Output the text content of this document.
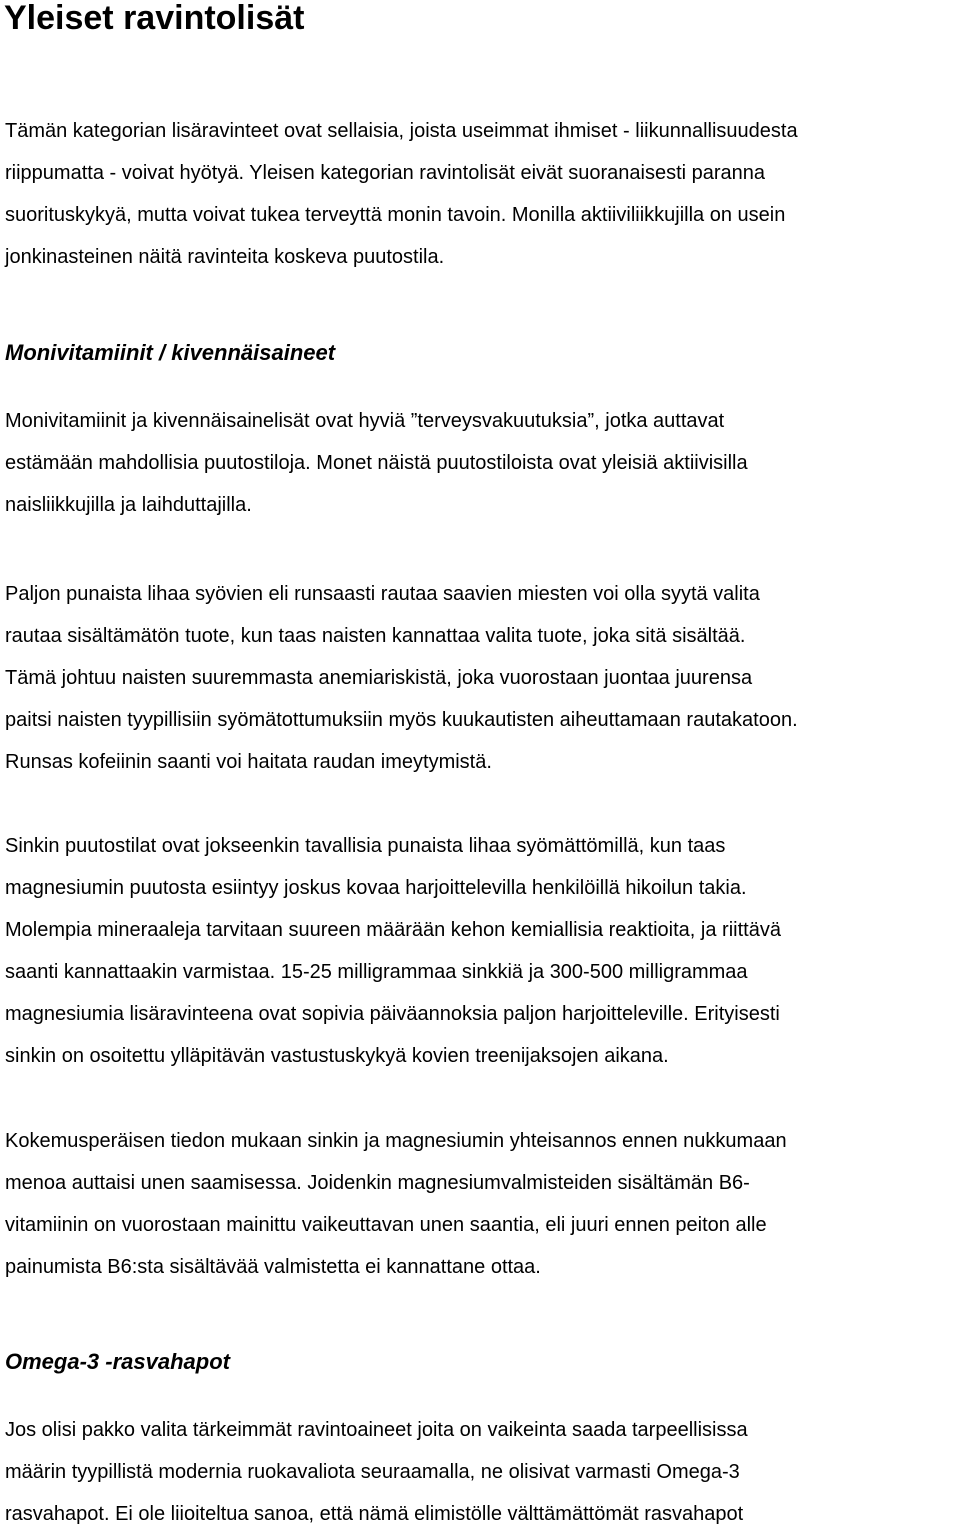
Yleiset ravintolisät

Tämän kategorian lisäravinteet ovat sellaisia, joista useimmat ihmiset - liikunnallisuudesta
riippumatta - voivat hyötyä. Yleisen kategorian ravintolisät eivät suoranaisesti paranna
suorituskykyä, mutta voivat tukea terveyttä monin tavoin. Monilla aktiiviliikkujilla on usein
jonkinasteinen näitä ravinteita koskeva puutostila.

Monivitamiinit / kivennäisaineet

Monivitamiinit ja kivennäisainelisät ovat hyviä ”terveysvakuutuksia”, jotka auttavat
estämään mahdollisia puutostiloja. Monet näistä puutostiloista ovat yleisiä aktiivisilla
naisliikkujilla ja laihduttajilla.

Paljon punaista lihaa syövien eli runsaasti rautaa saavien miesten voi olla syytä valita
rautaa sisältämätön tuote, kun taas naisten kannattaa valita tuote, joka sitä sisältää.
Tämä johtuu naisten suuremmasta anemiariskistä, joka vuorostaan juontaa juurensa
paitsi naisten tyypillisiin syömätottumuksiin myös kuukautisten aiheuttamaan rautakatoon.
Runsas kofeiinin saanti voi haitata raudan imeytymistä.

Sinkin puutostilat ovat jokseenkin tavallisia punaista lihaa syömättömillä, kun taas
magnesiumin puutosta esiintyy joskus kovaa harjoittelevilla henkilöillä hikoilun takia.
Molempia mineraaleja tarvitaan suureen määrään kehon kemiallisia reaktioita, ja riittävä
saanti kannattaakin varmistaa. 15-25 milligrammaa sinkkiä ja 300-500 milligrammaa
magnesiumia lisäravinteena ovat sopivia päiväannoksia paljon harjoitteleville. Erityisesti
sinkin on osoitettu ylläpitävän vastustuskykyä kovien treenijaksojen aikana.

Kokemusperäisen tiedon mukaan sinkin ja magnesiumin yhteisannos ennen nukkumaan
menoa auttaisi unen saamisessa. Joidenkin magnesiumvalmisteiden sisältämän B6-
vitamiinin on vuorostaan mainittu vaikeuttavan unen saantia, eli juuri ennen peiton alle
painumista B6:sta sisältävää valmistetta ei kannattane ottaa.

Omega-3 -rasvahapot

Jos olisi pakko valita tärkeimmät ravintoaineet joita on vaikeinta saada tarpeellisissa
määrin tyypillistä modernia ruokavaliota seuraamalla, ne olisivat varmasti Omega-3
rasvahapot. Ei ole liioiteltua sanoa, että nämä elimistölle välttämättömät rasvahapot
